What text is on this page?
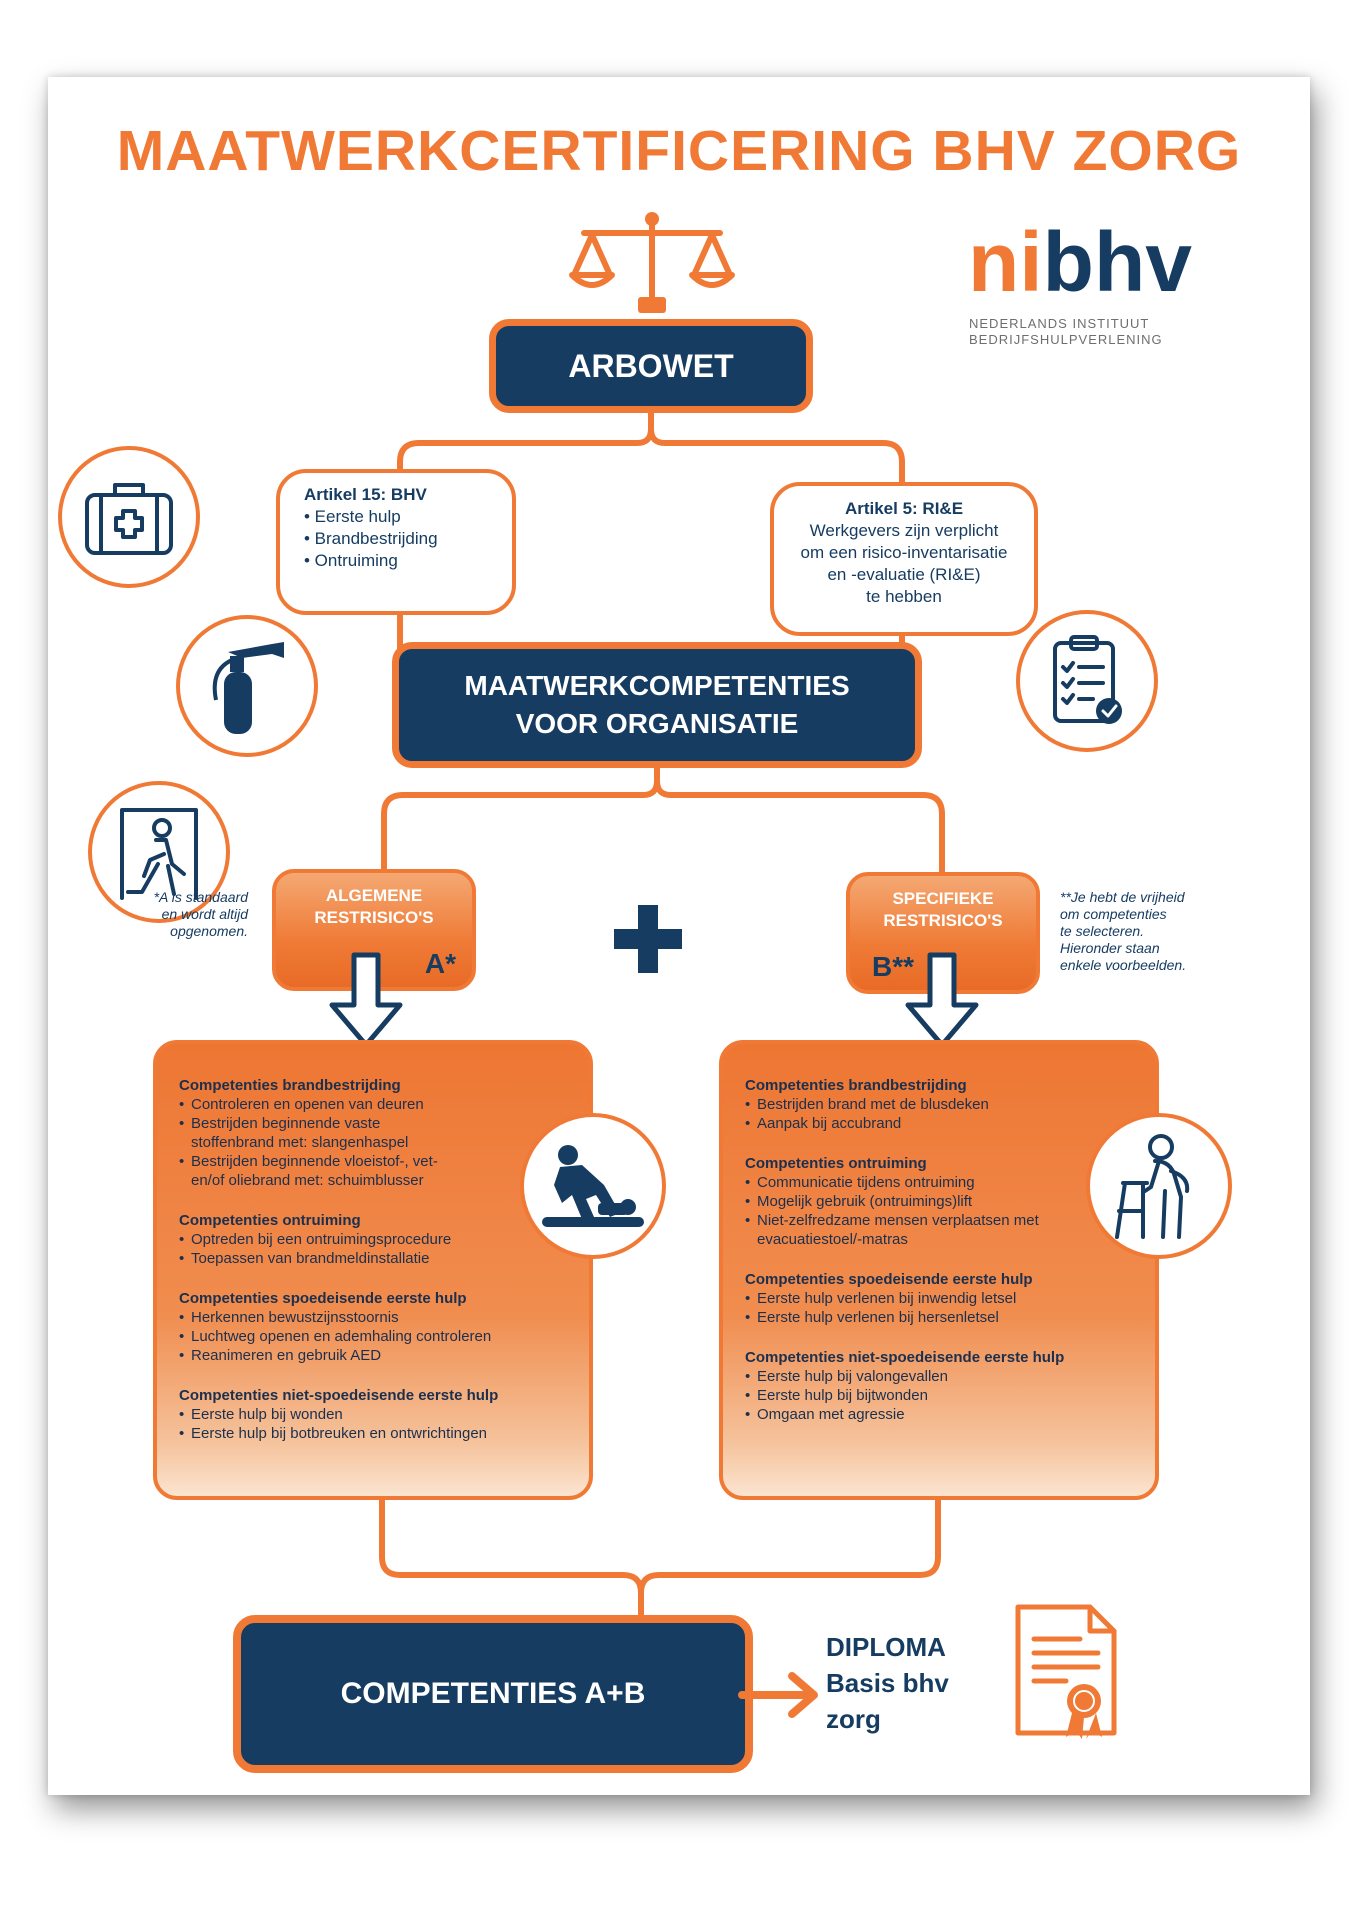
MAATWERKCERTIFICERING BHV ZORG
nibhv
NEDERLANDS INSTITUUT
BEDRIJFSHULPVERLENING
ARBOWET
Artikel 15: BHV
• Eerste hulp
• Brandbestrijding
• Ontruiming
Artikel 5: RI&E
Werkgevers zijn verplicht
om een risico-inventarisatie
en -evaluatie (RI&E)
te hebben
MAATWERKCOMPETENTIES
VOOR ORGANISATIE
*A is standaard
en wordt altijd
opgenomen.
**Je hebt de vrijheid
om competenties
te selecteren.
Hieronder staan
enkele voorbeelden.
ALGEMENE
RESTRISICO'S
A*
SPECIFIEKE
RESTRISICO'S
B**
Competenties brandbestrijding
• Controleren en openen van deuren
• Bestrijden beginnende vaste stoffenbrand met: slangenhaspel
• Bestrijden beginnende vloeistof-, vet- en/of oliebrand met: schuimblusser
Competenties ontruiming
• Optreden bij een ontruimingsprocedure
• Toepassen van brandmeldinstallatie
Competenties spoedeisende eerste hulp
• Herkennen bewustzijnsstoornis
• Luchtweg openen en ademhaling controleren
• Reanimeren en gebruik AED
Competenties niet-spoedeisende eerste hulp
• Eerste hulp bij wonden
• Eerste hulp bij botbreuken en ontwrichtingen
Competenties brandbestrijding
• Bestrijden brand met de blusdeken
• Aanpak bij accubrand
Competenties ontruiming
• Communicatie tijdens ontruiming
• Mogelijk gebruik (ontruimings)lift
• Niet-zelfredzame mensen verplaatsen met evacuatiestoel/-matras
Competenties spoedeisende eerste hulp
• Eerste hulp verlenen bij inwendig letsel
• Eerste hulp verlenen bij hersenletsel
Competenties niet-spoedeisende eerste hulp
• Eerste hulp bij valongevallen
• Eerste hulp bij bijtwonden
• Omgaan met agressie
COMPETENTIES A+B
DIPLOMA
Basis bhv
zorg
